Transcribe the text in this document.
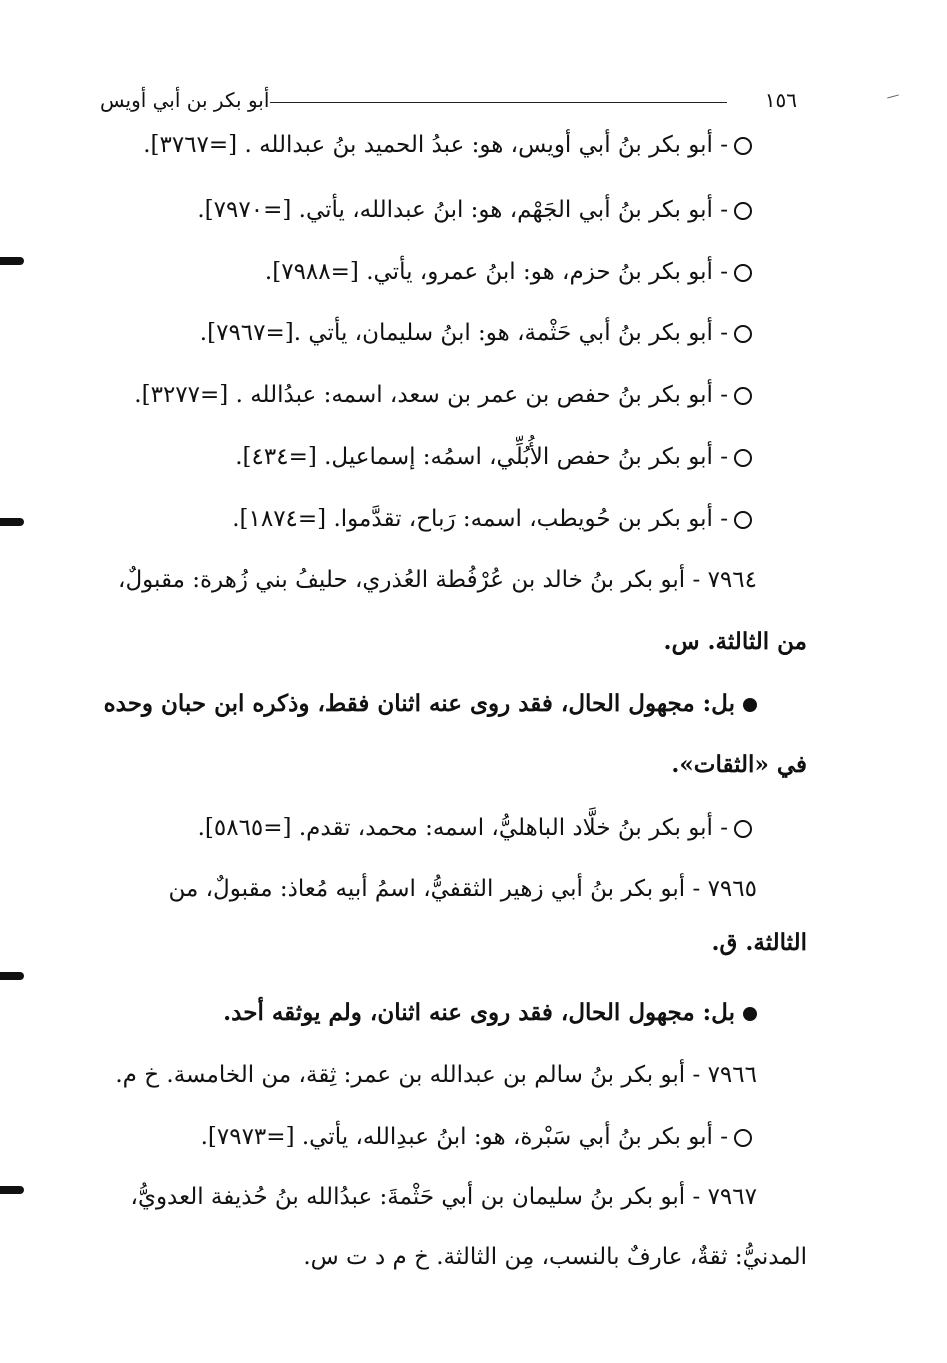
١٥٦
أبو بكر بن أبي أويس
- أبو بكر بنُ أبي أويس، هو: عبدُ الحميد بنُ عبدالله . [=٣٧٦٧].
- أبو بكر بنُ أبي الجَهْم، هو: ابنُ عبدالله، يأتي. [=٧٩٧٠].
- أبو بكر بنُ حزم، هو: ابنُ عمرو، يأتي. [=٧٩٨٨].
- أبو بكر بنُ أبي حَثْمة، هو: ابنُ سليمان، يأتي .[=٧٩٦٧].
- أبو بكر بنُ حفص بن عمر بن سعد، اسمه: عبدُالله . [=٣٢٧٧].
- أبو بكر بنُ حفص الأُبُلِّي، اسمُه: إسماعيل. [=٤٣٤].
- أبو بكر بن حُويطب، اسمه: رَباح، تقدَّموا. [=١٨٧٤].
٧٩٦٤ - أبو بكر بنُ خالد بن عُرْفُطة العُذري، حليفُ بني زُهرة: مقبولٌ،
من الثالثة. س.
بل: مجهول الحال، فقد روى عنه اثنان فقط، وذكره ابن حبان وحده
في «الثقات».
- أبو بكر بنُ خلَّاد الباهليُّ، اسمه: محمد، تقدم. [=٥٨٦٥].
٧٩٦٥ - أبو بكر بنُ أبي زهير الثقفيُّ، اسمُ أبيه مُعاذ: مقبولٌ، من
الثالثة. ق.
بل: مجهول الحال، فقد روى عنه اثنان، ولم يوثقه أحد.
٧٩٦٦ - أبو بكر بنُ سالم بن عبدالله بن عمر: ثِقة، من الخامسة. خ م.
- أبو بكر بنُ أبي سَبْرة، هو: ابنُ عبدِالله، يأتي. [=٧٩٧٣].
٧٩٦٧ - أبو بكر بنُ سليمان بن أبي حَثْمةَ: عبدُالله بنُ حُذيفة العدويُّ،
المدنيُّ: ثقةٌ، عارفٌ بالنسب، مِن الثالثة. خ م د ت س.
